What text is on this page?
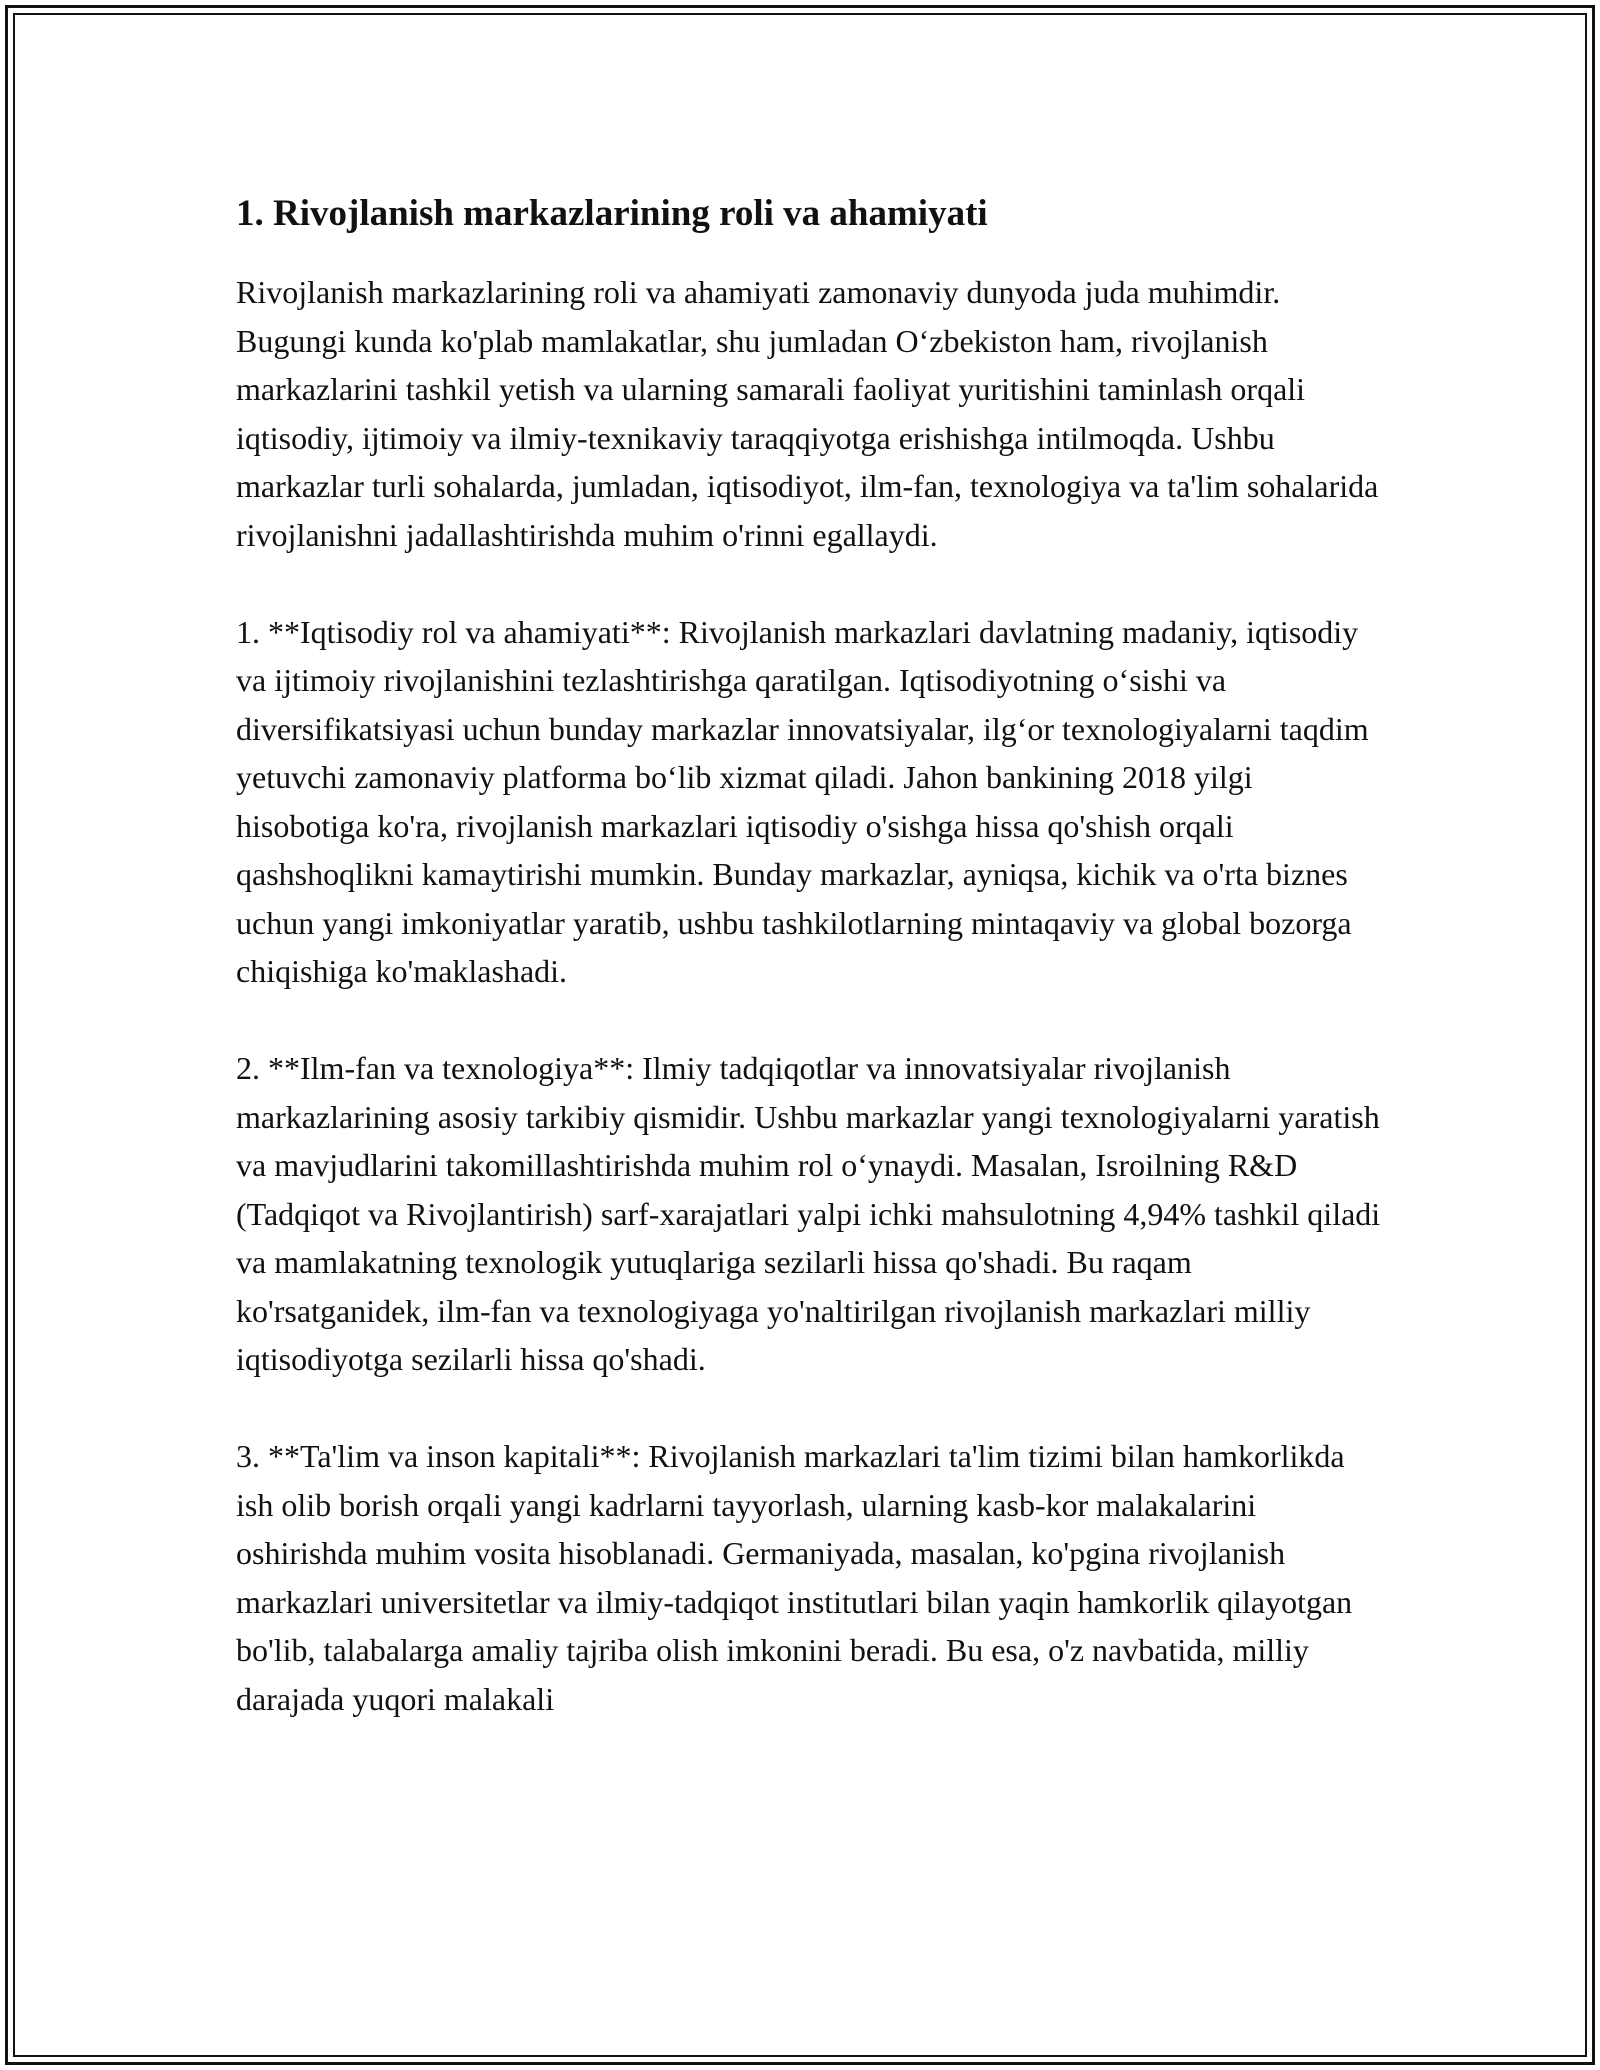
1. Rivojlanish markazlarining roli va ahamiyati

Rivojlanish markazlarining roli va ahamiyati zamonaviy dunyoda juda muhimdir. Bugungi kunda ko'plab mamlakatlar, shu jumladan O‘zbekiston ham, rivojlanish markazlarini tashkil yetish va ularning samarali faoliyat yuritishini taminlash orqali iqtisodiy, ijtimoiy va ilmiy-texnikaviy taraqqiyotga erishishga intilmoqda. Ushbu markazlar turli sohalarda, jumladan, iqtisodiyot, ilm-fan, texnologiya va ta'lim sohalarida rivojlanishni jadallashtirishda muhim o'rinni egallaydi.

1. **Iqtisodiy rol va ahamiyati**: Rivojlanish markazlari davlatning madaniy, iqtisodiy va ijtimoiy rivojlanishini tezlashtirishga qaratilgan. Iqtisodiyotning o‘sishi va diversifikatsiyasi uchun bunday markazlar innovatsiyalar, ilg‘or texnologiyalarni taqdim yetuvchi zamonaviy platforma bo‘lib xizmat qiladi. Jahon bankining 2018 yilgi hisobotiga ko'ra, rivojlanish markazlari iqtisodiy o'sishga hissa qo'shish orqali qashshoqlikni kamaytirishi mumkin. Bunday markazlar, ayniqsa, kichik va o'rta biznes uchun yangi imkoniyatlar yaratib, ushbu tashkilotlarning mintaqaviy va global bozorga chiqishiga ko'maklashadi.

2. **Ilm-fan va texnologiya**: Ilmiy tadqiqotlar va innovatsiyalar rivojlanish markazlarining asosiy tarkibiy qismidir. Ushbu markazlar yangi texnologiyalarni yaratish va mavjudlarini takomillashtirishda muhim rol o‘ynaydi. Masalan, Isroilning R&D (Tadqiqot va Rivojlantirish) sarf-xarajatlari yalpi ichki mahsulotning 4,94% tashkil qiladi va mamlakatning texnologik yutuqlariga sezilarli hissa qo'shadi. Bu raqam ko'rsatganidek, ilm-fan va texnologiyaga yo'naltirilgan rivojlanish markazlari milliy iqtisodiyotga sezilarli hissa qo'shadi.

3. **Ta'lim va inson kapitali**: Rivojlanish markazlari ta'lim tizimi bilan hamkorlikda ish olib borish orqali yangi kadrlarni tayyorlash, ularning kasb-kor malakalarini oshirishda muhim vosita hisoblanadi. Germaniyada, masalan, ko'pgina rivojlanish markazlari universitetlar va ilmiy-tadqiqot institutlari bilan yaqin hamkorlik qilayotgan bo'lib, talabalarga amaliy tajriba olish imkonini beradi. Bu esa, o'z navbatida, milliy darajada yuqori malakali
